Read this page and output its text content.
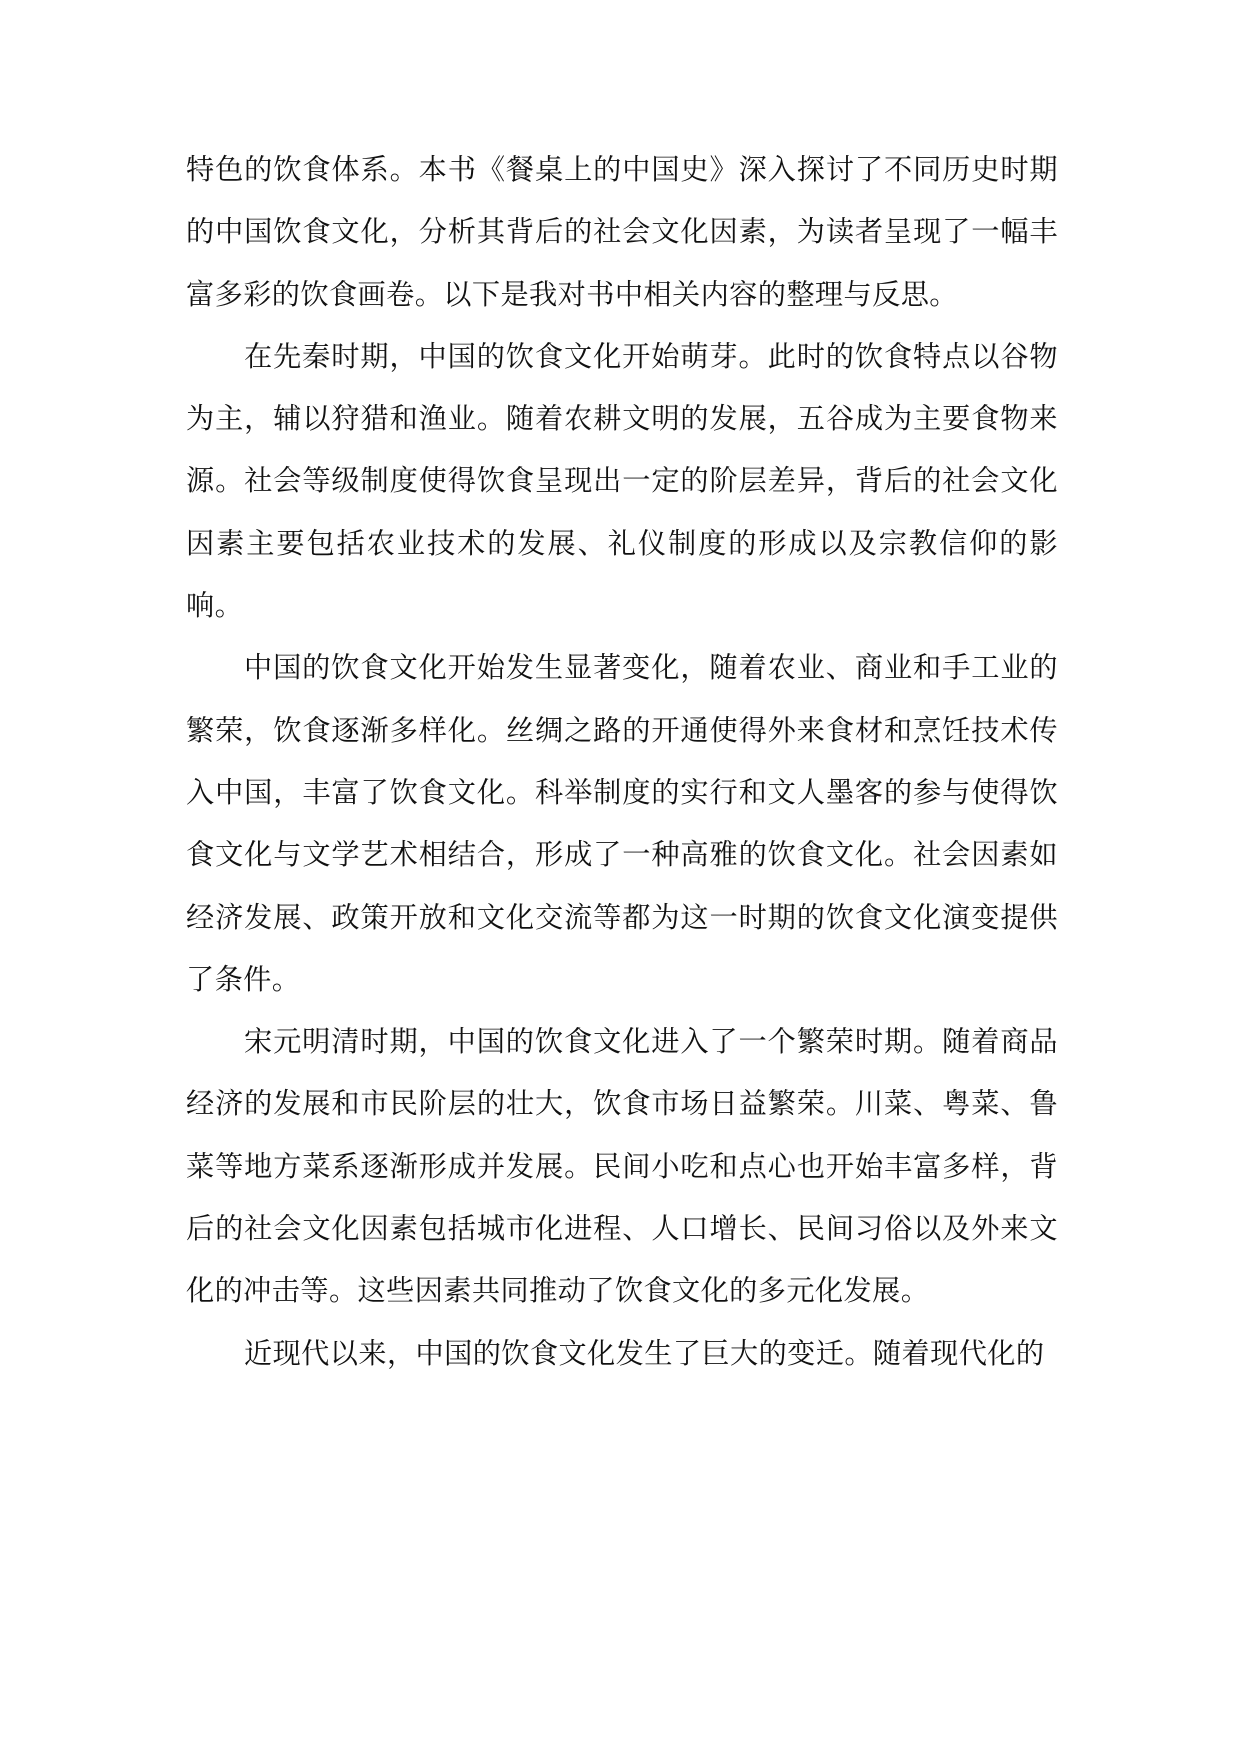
特色的饮食体系。本书《餐桌上的中国史》深入探讨了不同历史时期的中国饮食文化，分析其背后的社会文化因素，为读者呈现了一幅丰富多彩的饮食画卷。以下是我对书中相关内容的整理与反思。

在先秦时期，中国的饮食文化开始萌芽。此时的饮食特点以谷物为主，辅以狩猎和渔业。随着农耕文明的发展，五谷成为主要食物来源。社会等级制度使得饮食呈现出一定的阶层差异，背后的社会文化因素主要包括农业技术的发展、礼仪制度的形成以及宗教信仰的影响。

中国的饮食文化开始发生显著变化，随着农业、商业和手工业的繁荣，饮食逐渐多样化。丝绸之路的开通使得外来食材和烹饪技术传入中国，丰富了饮食文化。科举制度的实行和文人墨客的参与使得饮食文化与文学艺术相结合，形成了一种高雅的饮食文化。社会因素如经济发展、政策开放和文化交流等都为这一时期的饮食文化演变提供了条件。

宋元明清时期，中国的饮食文化进入了一个繁荣时期。随着商品经济的发展和市民阶层的壮大，饮食市场日益繁荣。川菜、粤菜、鲁菜等地方菜系逐渐形成并发展。民间小吃和点心也开始丰富多样，背后的社会文化因素包括城市化进程、人口增长、民间习俗以及外来文化的冲击等。这些因素共同推动了饮食文化的多元化发展。

近现代以来，中国的饮食文化发生了巨大的变迁。随着现代化的
